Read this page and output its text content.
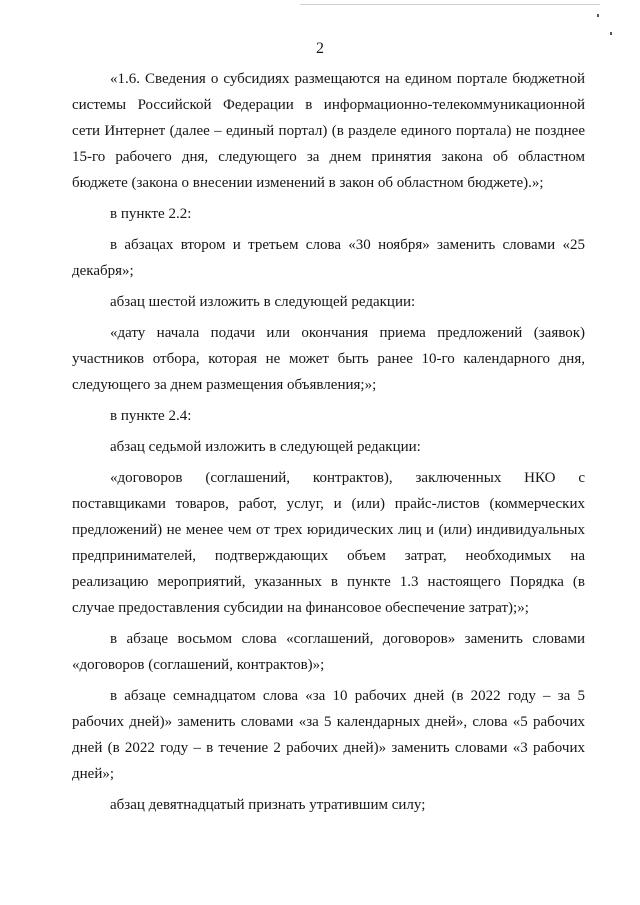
2

«1.6. Сведения о субсидиях размещаются на едином портале бюджетной системы Российской Федерации в информационно-телекоммуникационной сети Интернет (далее – единый портал) (в разделе единого портала) не позднее 15-го рабочего дня, следующего за днем принятия закона об областном бюджете (закона о внесении изменений в закон об областном бюджете).»;

в пункте 2.2:

в абзацах втором и третьем слова «30 ноября» заменить словами «25 декабря»;

абзац шестой изложить в следующей редакции:

«дату начала подачи или окончания приема предложений (заявок) участников отбора, которая не может быть ранее 10-го календарного дня, следующего за днем размещения объявления;»;

в пункте 2.4:

абзац седьмой изложить в следующей редакции:

«договоров (соглашений, контрактов), заключенных НКО с поставщиками товаров, работ, услуг, и (или) прайс-листов (коммерческих предложений) не менее чем от трех юридических лиц и (или) индивидуальных предпринимателей, подтверждающих объем затрат, необходимых на реализацию мероприятий, указанных в пункте 1.3 настоящего Порядка (в случае предоставления субсидии на финансовое обеспечение затрат);»;

в абзаце восьмом слова «соглашений, договоров» заменить словами «договоров (соглашений, контрактов)»;

в абзаце семнадцатом слова «за 10 рабочих дней (в 2022 году – за 5 рабочих дней)» заменить словами «за 5 календарных дней», слова «5 рабочих дней (в 2022 году – в течение 2 рабочих дней)» заменить словами «3 рабочих дней»;

абзац девятнадцатый признать утратившим силу;
